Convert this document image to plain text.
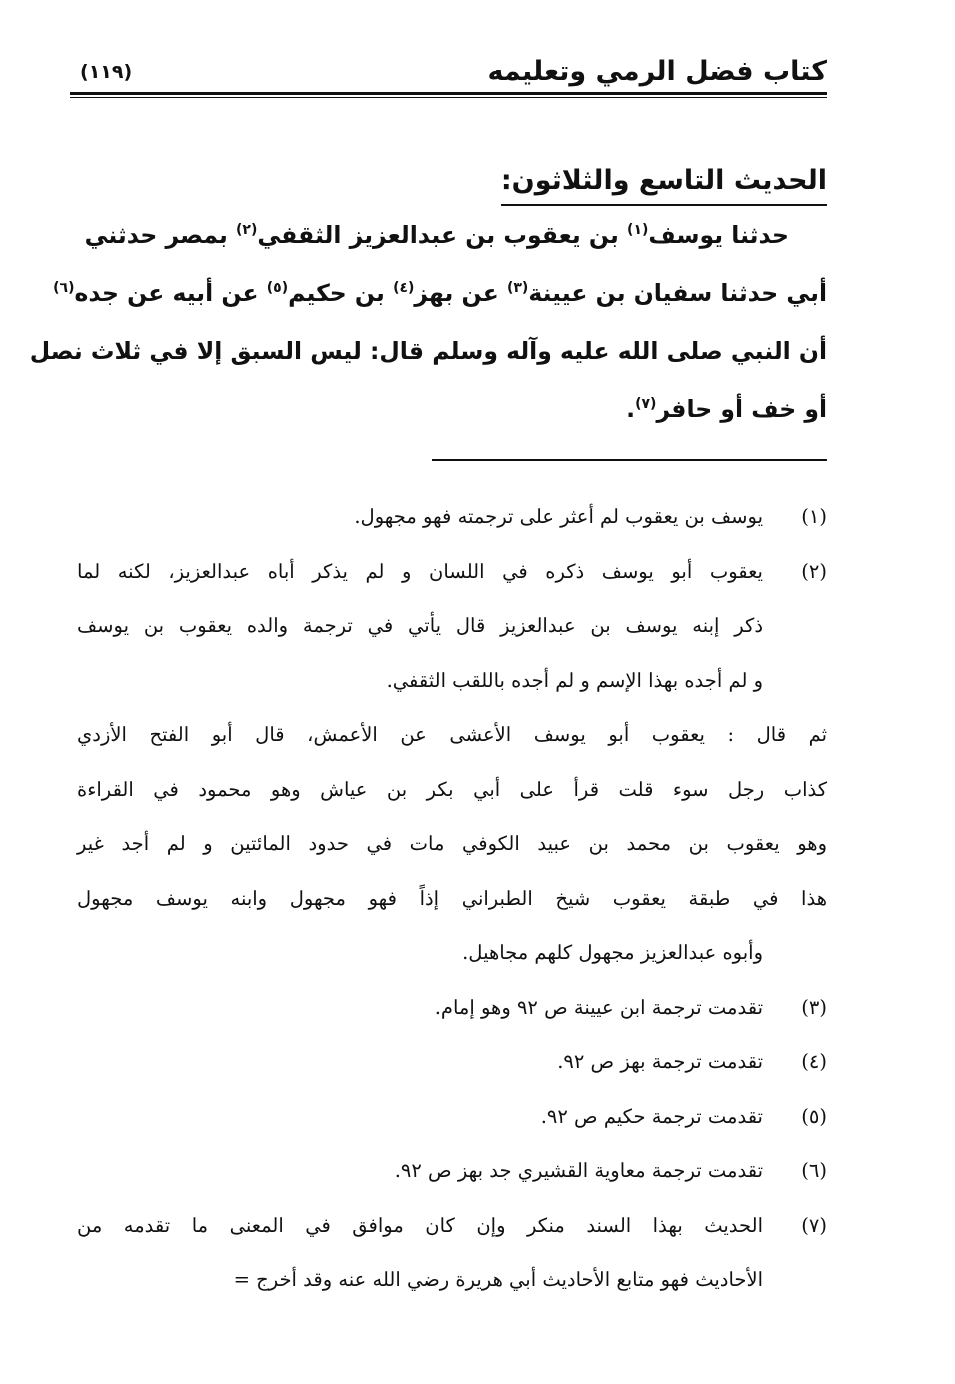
كتاب فضل الرمي وتعليمه
(١١٩)
الحديث التاسع والثلاثون:
حدثنا يوسف$^{(١)}$ بن يعقوب بن عبدالعزيز الثقفي$^{(٢)}$ بمصر حدثني
أبي حدثنا سفيان بن عيينة$^{(٣)}$ عن بهز$^{(٤)}$ بن حكيم$^{(٥)}$ عن أبيه عن جده$^{(٦)}$
أن النبي صلى الله عليه وآله وسلم قال: ليس السبق إلا في ثلاث نصل
أو خف أو حافر$^{(٧)}$.
(١)
يوسف بن يعقوب لم أعثر على ترجمته فهو مجهول.
(٢)
يعقوب أبو يوسف ذكره في اللسان و لم يذكر أباه عبدالعزيز، لكنه لما
ذكر إبنه يوسف بن عبدالعزيز قال يأتي في ترجمة والده يعقوب بن يوسف
و لم أجده بهذا الإسم و لم أجده باللقب الثقفي.
ثم قال : يعقوب أبو يوسف الأعشى عن الأعمش، قال أبو الفتح الأزدي
كذاب رجل سوء قلت قرأ على أبي بكر بن عياش وهو محمود في القراءة
وهو يعقوب بن محمد بن عبيد الكوفي مات في حدود المائتين و لم أجد غير
هذا في طبقة يعقوب شيخ الطبراني إذاً فهو مجهول وابنه يوسف مجهول
وأبوه عبدالعزيز مجهول كلهم مجاهيل.
(٣)
تقدمت ترجمة ابن عيينة ص ٩٢ وهو إمام.
(٤)
تقدمت ترجمة بهز ص ٩٢.
(٥)
تقدمت ترجمة حكيم ص ٩٢.
(٦)
تقدمت ترجمة معاوية القشيري جد بهز ص ٩٢.
(٧)
الحديث بهذا السند منكر وإن كان موافق في المعنى ما تقدمه من
الأحاديث فهو متابع الأحاديث أبي هريرة رضي الله عنه وقد أخرج =
